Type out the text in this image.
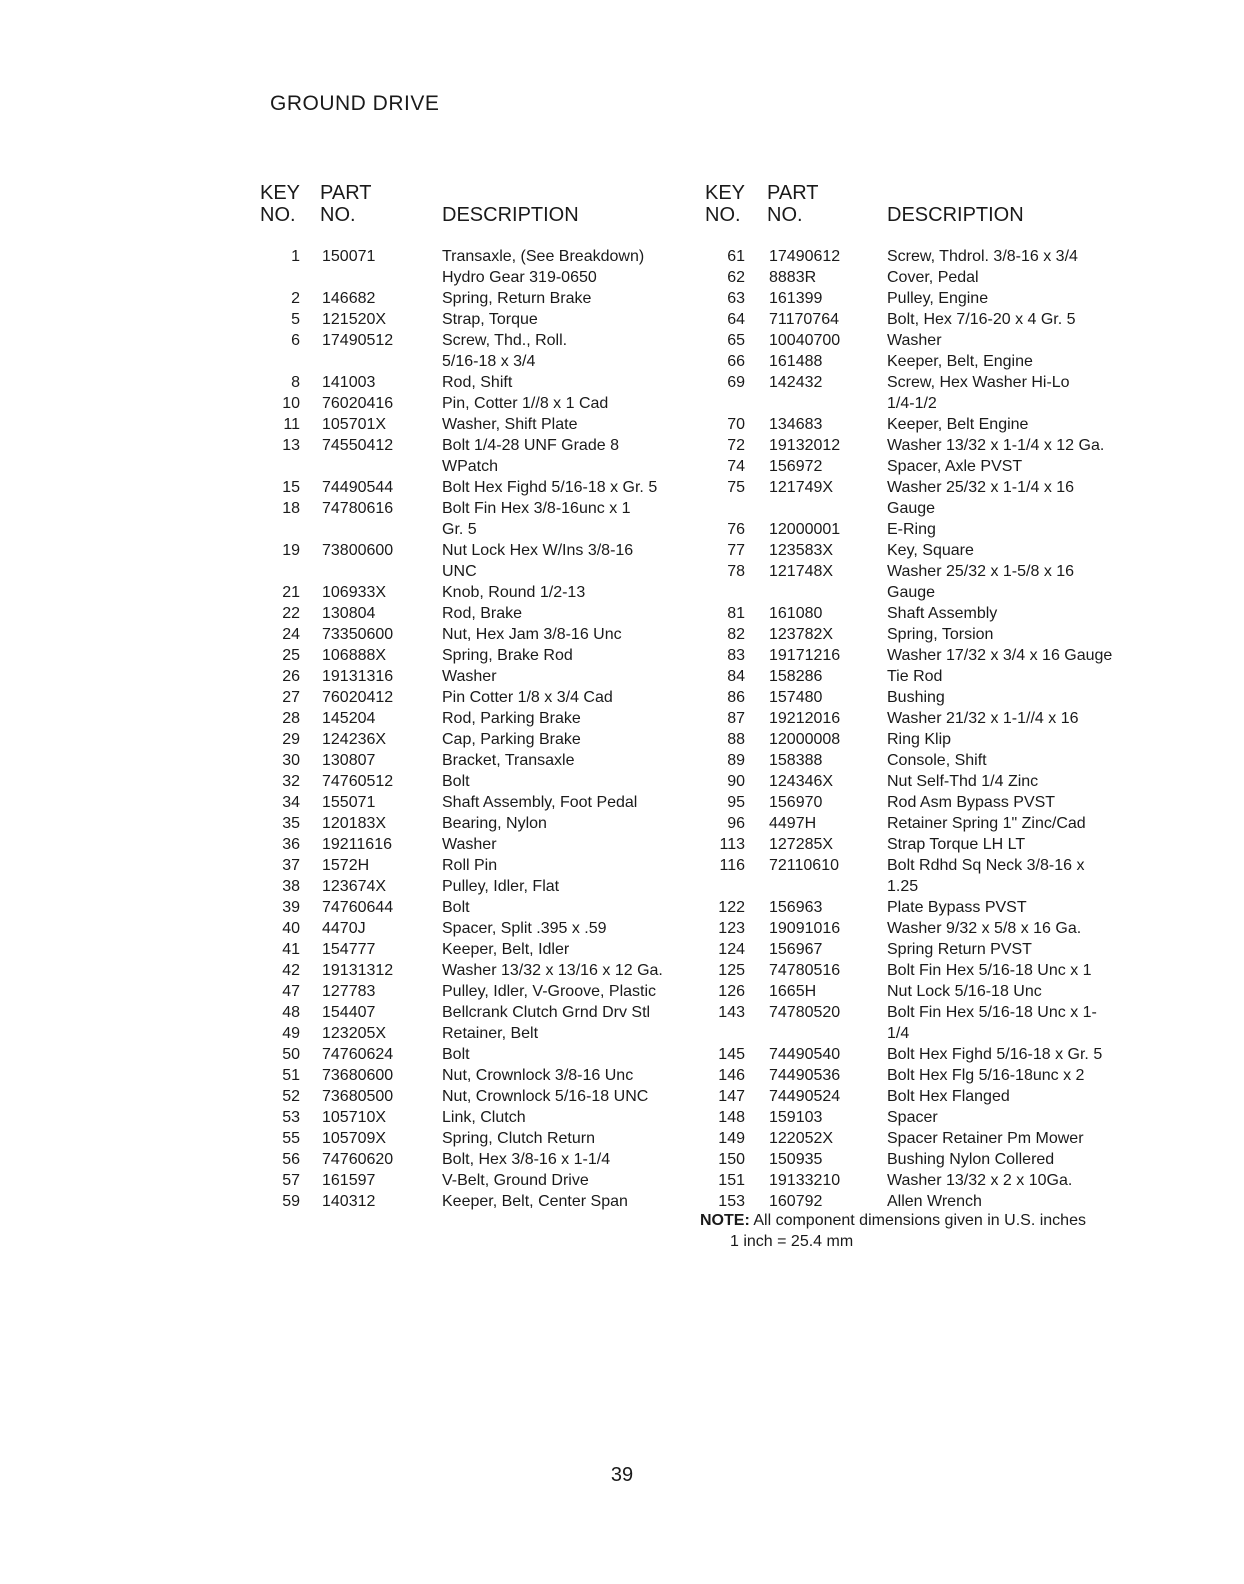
GROUND DRIVE
KEY
NO.
PART
NO.	DESCRIPTION
1	150071	Transaxle, (See Breakdown)
Hydro Gear 319-0650
2	146682	Spring, Return Brake
5	121520X	Strap, Torque
6	17490512	Screw, Thd., Roll.
5/16-18 x 3/4
8	141003	Rod, Shift
10	76020416	Pin, Cotter 1//8 x 1 Cad
11	105701X	Washer, Shift Plate
13	74550412	Bolt 1/4-28 UNF Grade 8
WPatch
15	74490544	Bolt Hex Fighd 5/16-18 x Gr. 5
18	74780616	Bolt Fin Hex 3/8-16unc x 1
Gr. 5
19	73800600	Nut Lock Hex W/Ins 3/8-16
UNC
21	106933X	Knob, Round 1/2-13
22	130804	Rod, Brake
24	73350600	Nut, Hex Jam 3/8-16 Unc
25	106888X	Spring, Brake Rod
26	19131316	Washer
27	76020412	Pin Cotter 1/8 x 3/4 Cad
28	145204	Rod, Parking Brake
29	124236X	Cap, Parking Brake
30	130807	Bracket, Transaxle
32	74760512	Bolt
34	155071	Shaft Assembly, Foot Pedal
35	120183X	Bearing, Nylon
36	19211616	Washer
37	1572H	Roll Pin
38	123674X	Pulley, Idler, Flat
39	74760644	Bolt
40	4470J	Spacer, Split .395 x .59
41	154777	Keeper, Belt, Idler
42	19131312	Washer 13/32 x 13/16 x 12 Ga.
47	127783	Pulley, Idler, V-Groove, Plastic
48	154407	Bellcrank Clutch Grnd Drv Stl
49	123205X	Retainer, Belt
50	74760624	Bolt
51	73680600	Nut, Crownlock 3/8-16 Unc
52	73680500	Nut, Crownlock 5/16-18 UNC
53	105710X	Link, Clutch
55	105709X	Spring, Clutch Return
56	74760620	Bolt, Hex 3/8-16 x 1-1/4
57	161597	V-Belt, Ground Drive
59	140312	Keeper, Belt, Center Span
KEY
NO.
PART
NO.	DESCRIPTION
61	17490612	Screw, Thdrol. 3/8-16 x 3/4
62	8883R	Cover, Pedal
63	161399	Pulley, Engine
64	71170764	Bolt, Hex 7/16-20 x 4 Gr. 5
65	10040700	Washer
66	161488	Keeper, Belt, Engine
69	142432	Screw, Hex Washer Hi-Lo
1/4-1/2
70	134683	Keeper, Belt Engine
72	19132012	Washer 13/32 x 1-1/4 x 12 Ga.
74	156972	Spacer, Axle PVST
75	121749X	Washer 25/32 x 1-1/4 x 16
Gauge
76	12000001	E-Ring
77	123583X	Key, Square
78	121748X	Washer 25/32 x 1-5/8 x 16
Gauge
81	161080	Shaft Assembly
82	123782X	Spring, Torsion
83	19171216	Washer 17/32 x 3/4 x 16 Gauge
84	158286	Tie Rod
86	157480	Bushing
87	19212016	Washer 21/32 x 1-1//4 x 16
88	12000008	Ring Klip
89	158388	Console, Shift
90	124346X	Nut Self-Thd 1/4 Zinc
95	156970	Rod Asm Bypass PVST
96	4497H	Retainer Spring 1" Zinc/Cad
113	127285X	Strap Torque LH LT
116	72110610	Bolt Rdhd Sq Neck 3/8-16 x
1.25
122	156963	Plate Bypass PVST
123	19091016	Washer 9/32 x 5/8 x 16 Ga.
124	156967	Spring Return PVST
125	74780516	Bolt Fin Hex 5/16-18 Unc x 1
126	1665H	Nut Lock 5/16-18 Unc
143	74780520	Bolt Fin Hex 5/16-18 Unc x 1-
1/4
145	74490540	Bolt Hex Fighd 5/16-18 x Gr. 5
146	74490536	Bolt Hex Flg 5/16-18unc x 2
147	74490524	Bolt Hex Flanged
148	159103	Spacer
149	122052X	Spacer Retainer Pm Mower
150	150935	Bushing Nylon Collered
151	19133210	Washer 13/32 x 2 x 10Ga.
153	160792	Allen Wrench
NOTE: All component dimensions given in U.S. inches
1 inch = 25.4 mm
39
